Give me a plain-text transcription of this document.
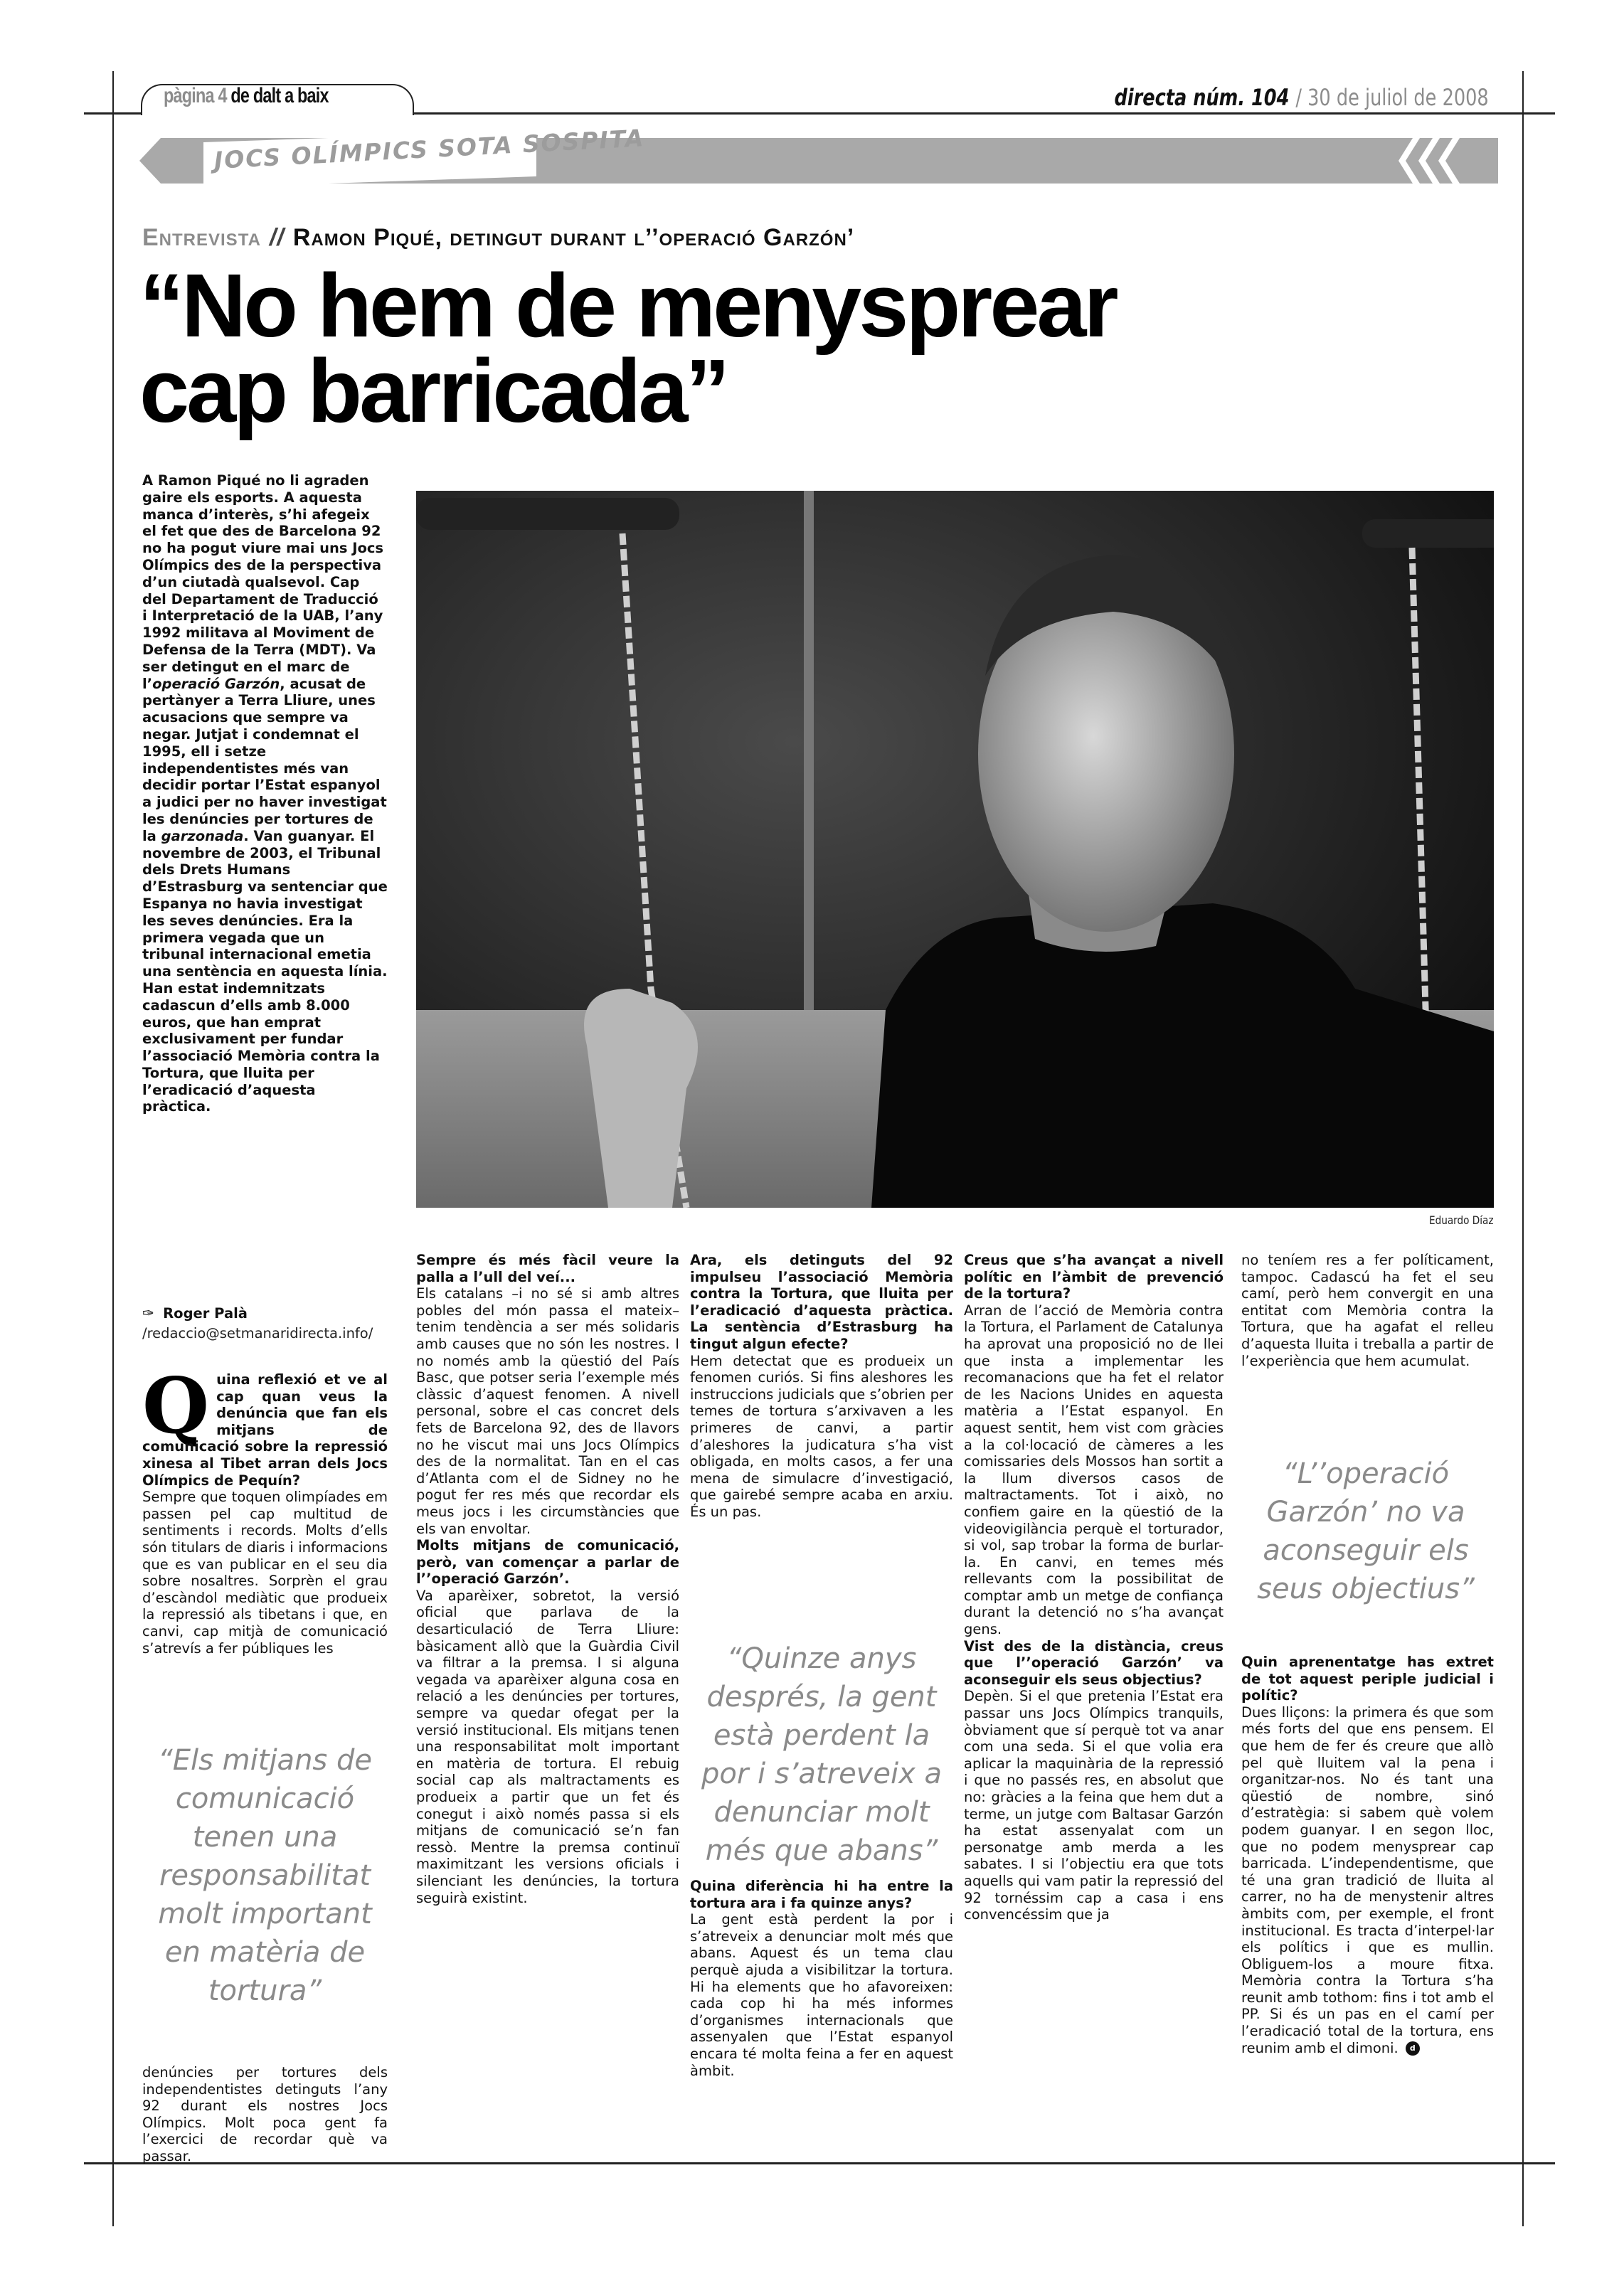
pàgina 4 de dalt a baix	directa núm. 104 / 30 de juliol de 2008
JOCS OLÍMPICS SOTA SOSPITA
Entrevista // Ramon Piqué, detingut durant l’’operació Garzón’
“No hem de menysprear
cap barricada”
A Ramon Piqué no li agraden gaire els esports. A aquesta manca d’interès, s’hi afegeix el fet que des de Barcelona 92 no ha pogut viure mai uns Jocs Olímpics des de la perspectiva d’un ciutadà qualsevol. Cap del Departament de Traducció i Interpretació de la UAB, l’any 1992 militava al Moviment de Defensa de la Terra (MDT). Va ser detingut en el marc de l’operació Garzón, acusat de pertànyer a Terra Lliure, unes acusacions que sempre va negar. Jutjat i condemnat el 1995, ell i setze independentistes més van decidir portar l’Estat espanyol a judici per no haver investigat les denúncies per tortures de la garzonada. Van guanyar. El novembre de 2003, el Tribunal dels Drets Humans d’Estrasburg va sentenciar que Espanya no havia investigat les seves denúncies. Era la primera vegada que un tribunal internacional emetia una sentència en aquesta línia. Han estat indemnitzats cadascun d’ells amb 8.000 euros, que han emprat exclusivament per fundar l’associació Memòria contra la Tortura, que lluita per l’eradicació d’aquesta pràctica.
✑ Roger Palà
/redaccio@setmanaridirecta.info/
Eduardo Díaz

Quina reflexió et ve al cap quan veus la denúncia que fan els mitjans de comunicació sobre la repressió xinesa al Tibet arran dels Jocs Olímpics de Pequín?

Sempre que toquen olimpíades em passen pel cap multitud de sentiments i records. Molts d’ells són titulars de diaris i informacions que es van publicar en el seu dia sobre nosaltres. Sorprèn el grau d’escàndol mediàtic que produeix la repressió als tibetans i que, en canvi, cap mitjà de comunicació s’atrevís a fer públiques les

“Els mitjans de comunicació tenen una responsabilitat molt important en matèria de tortura”

denúncies per tortures dels independentistes detinguts l’any 92 durant els nostres Jocs Olímpics. Molt poca gent fa l’exercici de recordar què va passar.

Sempre és més fàcil veure la palla a l’ull del veí...

Els catalans –i no sé si amb altres pobles del món passa el mateix– tenim tendència a ser més solidaris amb causes que no són les nostres. I no només amb la qüestió del País Basc, que potser seria l’exemple més clàssic d’aquest fenomen. A nivell personal, sobre el cas concret dels fets de Barcelona 92, des de llavors no he viscut mai uns Jocs Olímpics des de la normalitat. Tan en el cas d’Atlanta com el de Sidney no he pogut fer res més que recordar els meus jocs i les circumstàncies que els van envoltar.

Molts mitjans de comunicació, però, van començar a parlar de l’’operació Garzón’.

Va aparèixer, sobretot, la versió oficial que parlava de la desarticulació de Terra Lliure: bàsicament allò que la Guàrdia Civil va filtrar a la premsa. I si alguna vegada va aparèixer alguna cosa en relació a les denúncies per tortures, sempre va quedar ofegat per la versió institucional. Els mitjans tenen una responsabilitat molt important en matèria de tortura. El rebuig social cap als maltractaments es produeix a partir que un fet és conegut i això només passa si els mitjans de comunicació se’n fan ressò. Mentre la premsa continuï maximitzant les versions oficials i silenciant les denúncies, la tortura seguirà existint.

Ara, els detinguts del 92 impulseu l’associació Memòria contra la Tortura, que lluita per l’eradicació d’aquesta pràctica. La sentència d’Estrasburg ha tingut algun efecte?

Hem detectat que es produeix un fenomen curiós. Si fins aleshores les instruccions judicials que s’obrien per temes de tortura s’arxivaven a les primeres de canvi, a partir d’aleshores la judicatura s’ha vist obligada, en molts casos, a fer una mena de simulacre d’investigació, que gairebé sempre acaba en arxiu. És un pas.

“Quinze anys després, la gent està perdent la por i s’atreveix a denunciar molt més que abans”

Quina diferència hi ha entre la tortura ara i fa quinze anys?

La gent està perdent la por i s’atreveix a denunciar molt més que abans. Aquest és un tema clau perquè ajuda a visibilitzar la tortura. Hi ha elements que ho afavoreixen: cada cop hi ha més informes d’organismes internacionals que assenyalen que l’Estat espanyol encara té molta feina a fer en aquest àmbit.

Creus que s’ha avançat a nivell polític en l’àmbit de prevenció de la tortura?

Arran de l’acció de Memòria contra la Tortura, el Parlament de Catalunya ha aprovat una proposició no de llei que insta a implementar les recomanacions que ha fet el relator de les Nacions Unides en aquesta matèria a l’Estat espanyol. En aquest sentit, hem vist com gràcies a la col·locació de càmeres a les comissaries dels Mossos han sortit a la llum diversos casos de maltractaments. Tot i això, no confiem gaire en la qüestió de la videovigilància perquè el torturador, si vol, sap trobar la forma de burlar-la. En canvi, en temes més rellevants com la possibilitat de comptar amb un metge de confiança durant la detenció no s’ha avançat gens.

Vist des de la distància, creus que l’’operació Garzón’ va aconseguir els seus objectius?

Depèn. Si el que pretenia l’Estat era passar uns Jocs Olímpics tranquils, òbviament que sí perquè tot va anar com una seda. Si el que volia era aplicar la maquinària de la repressió i que no passés res, en absolut que no: gràcies a la feina que hem dut a terme, un jutge com Baltasar Garzón ha estat assenyalat com un personatge amb merda a les sabates. I si l’objectiu era que tots aquells qui vam patir la repressió del 92 tornéssim cap a casa i ens convencéssim que ja

no teníem res a fer políticament, tampoc. Cadascú ha fet el seu camí, però hem convergit en una entitat com Memòria contra la Tortura, que ha agafat el relleu d’aquesta lluita i treballa a partir de l’experiència que hem acumulat.

“L’’operació Garzón’ no va aconseguir els seus objectius”

Quin aprenentatge has extret de tot aquest periple judicial i polític?

Dues lliçons: la primera és que som més forts del que ens pensem. El que hem de fer és creure que allò pel què lluitem val la pena i organitzar-nos. No és tant una qüestió de nombre, sinó d’estratègia: si sabem què volem podem guanyar. I en segon lloc, que no podem menysprear cap barricada. L’independentisme, que té una gran tradició de lluita al carrer, no ha de menystenir altres àmbits com, per exemple, el front institucional. Es tracta d’interpel·lar els polítics i que es mullin. Obliguem-los a moure fitxa. Memòria contra la Tortura s’ha reunit amb tothom: fins i tot amb el PP. Si és un pas en el camí per l’eradicació total de la tortura, ens reunim amb el dimoni. d
